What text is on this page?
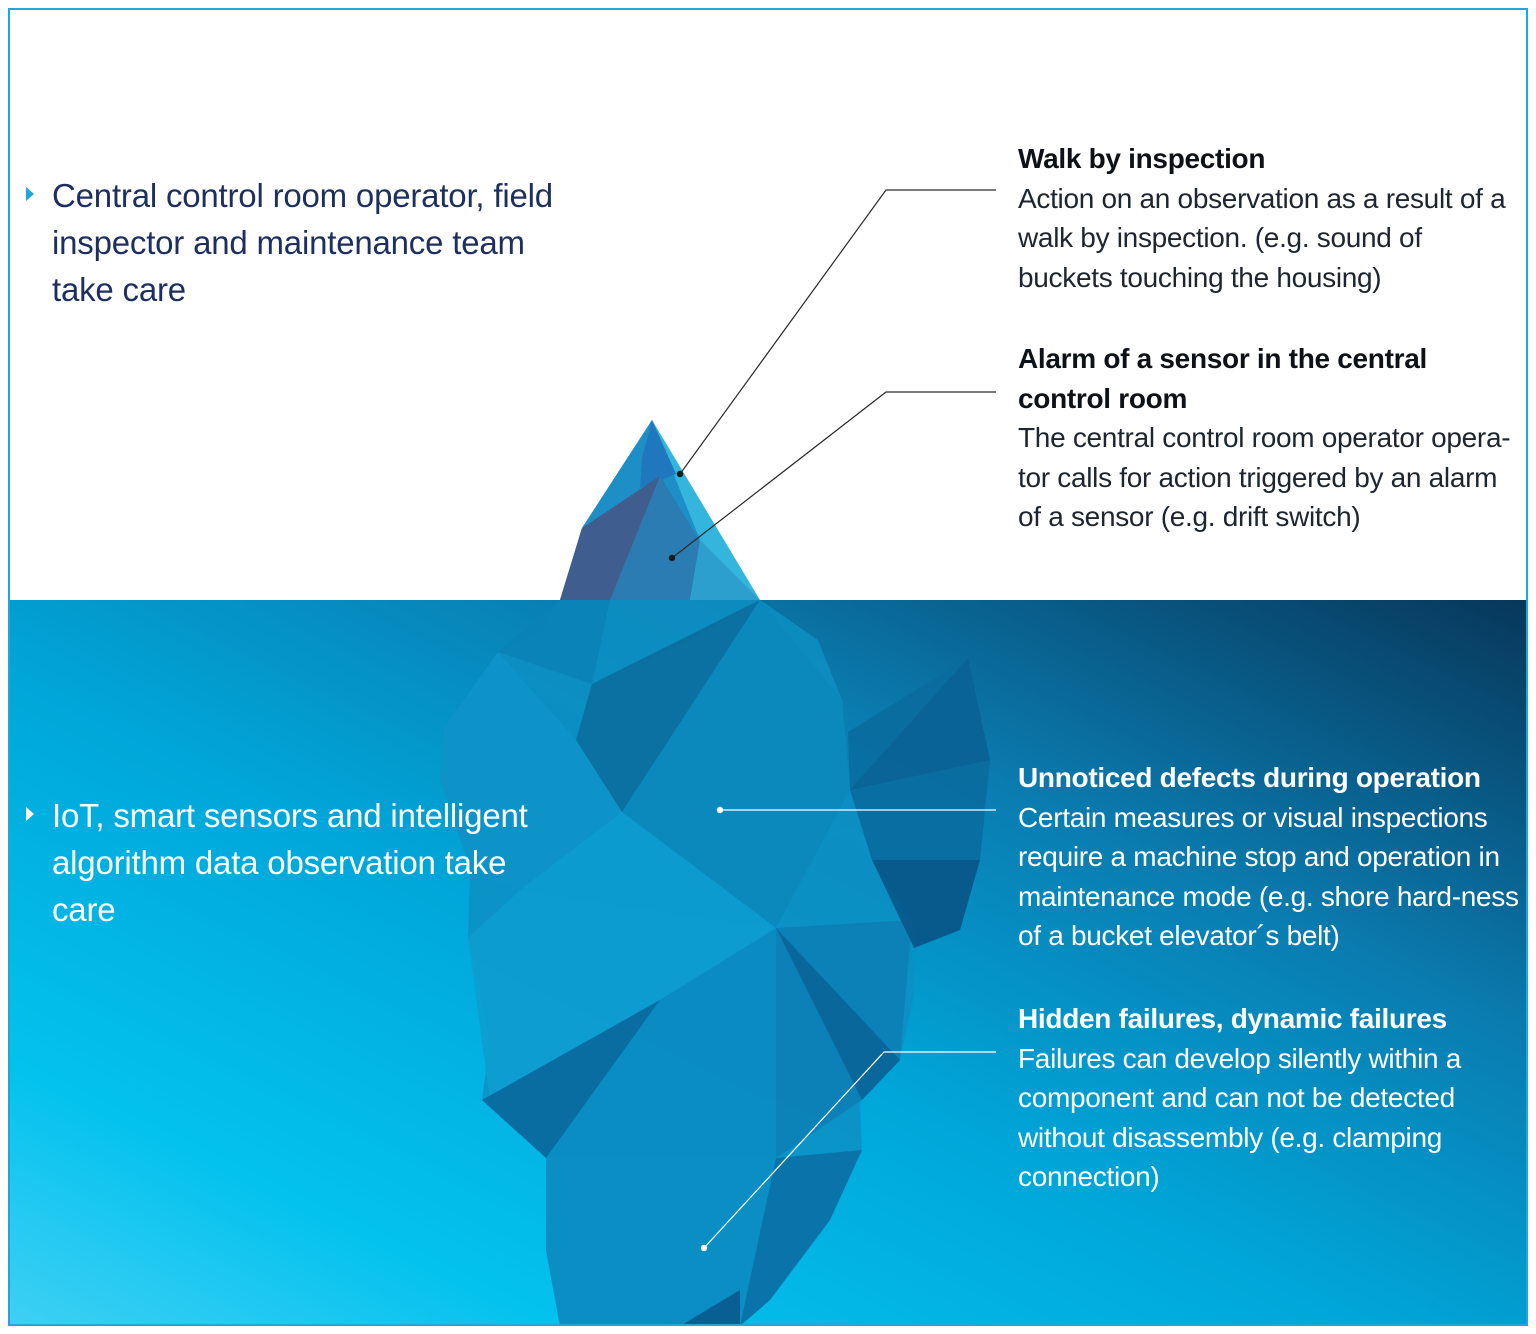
Central control room operator, field inspector and maintenance team take care
IoT, smart sensors and intelligent algorithm data observation take care
Walk by inspection
Action on an observation as a result of a walk by inspection. (e.g. sound of buckets touching the housing)
Alarm of a sensor in the central control room
The central control room operator opera-tor calls for action triggered by an alarm of a sensor (e.g. drift switch)
Unnoticed defects during operation
Certain measures or visual inspections require a machine stop and operation in maintenance mode (e.g. shore hard-ness of a bucket elevator´s belt)
Hidden failures, dynamic failures
Failures can develop silently within a component and can not be detected without disassembly (e.g. clamping connection)
